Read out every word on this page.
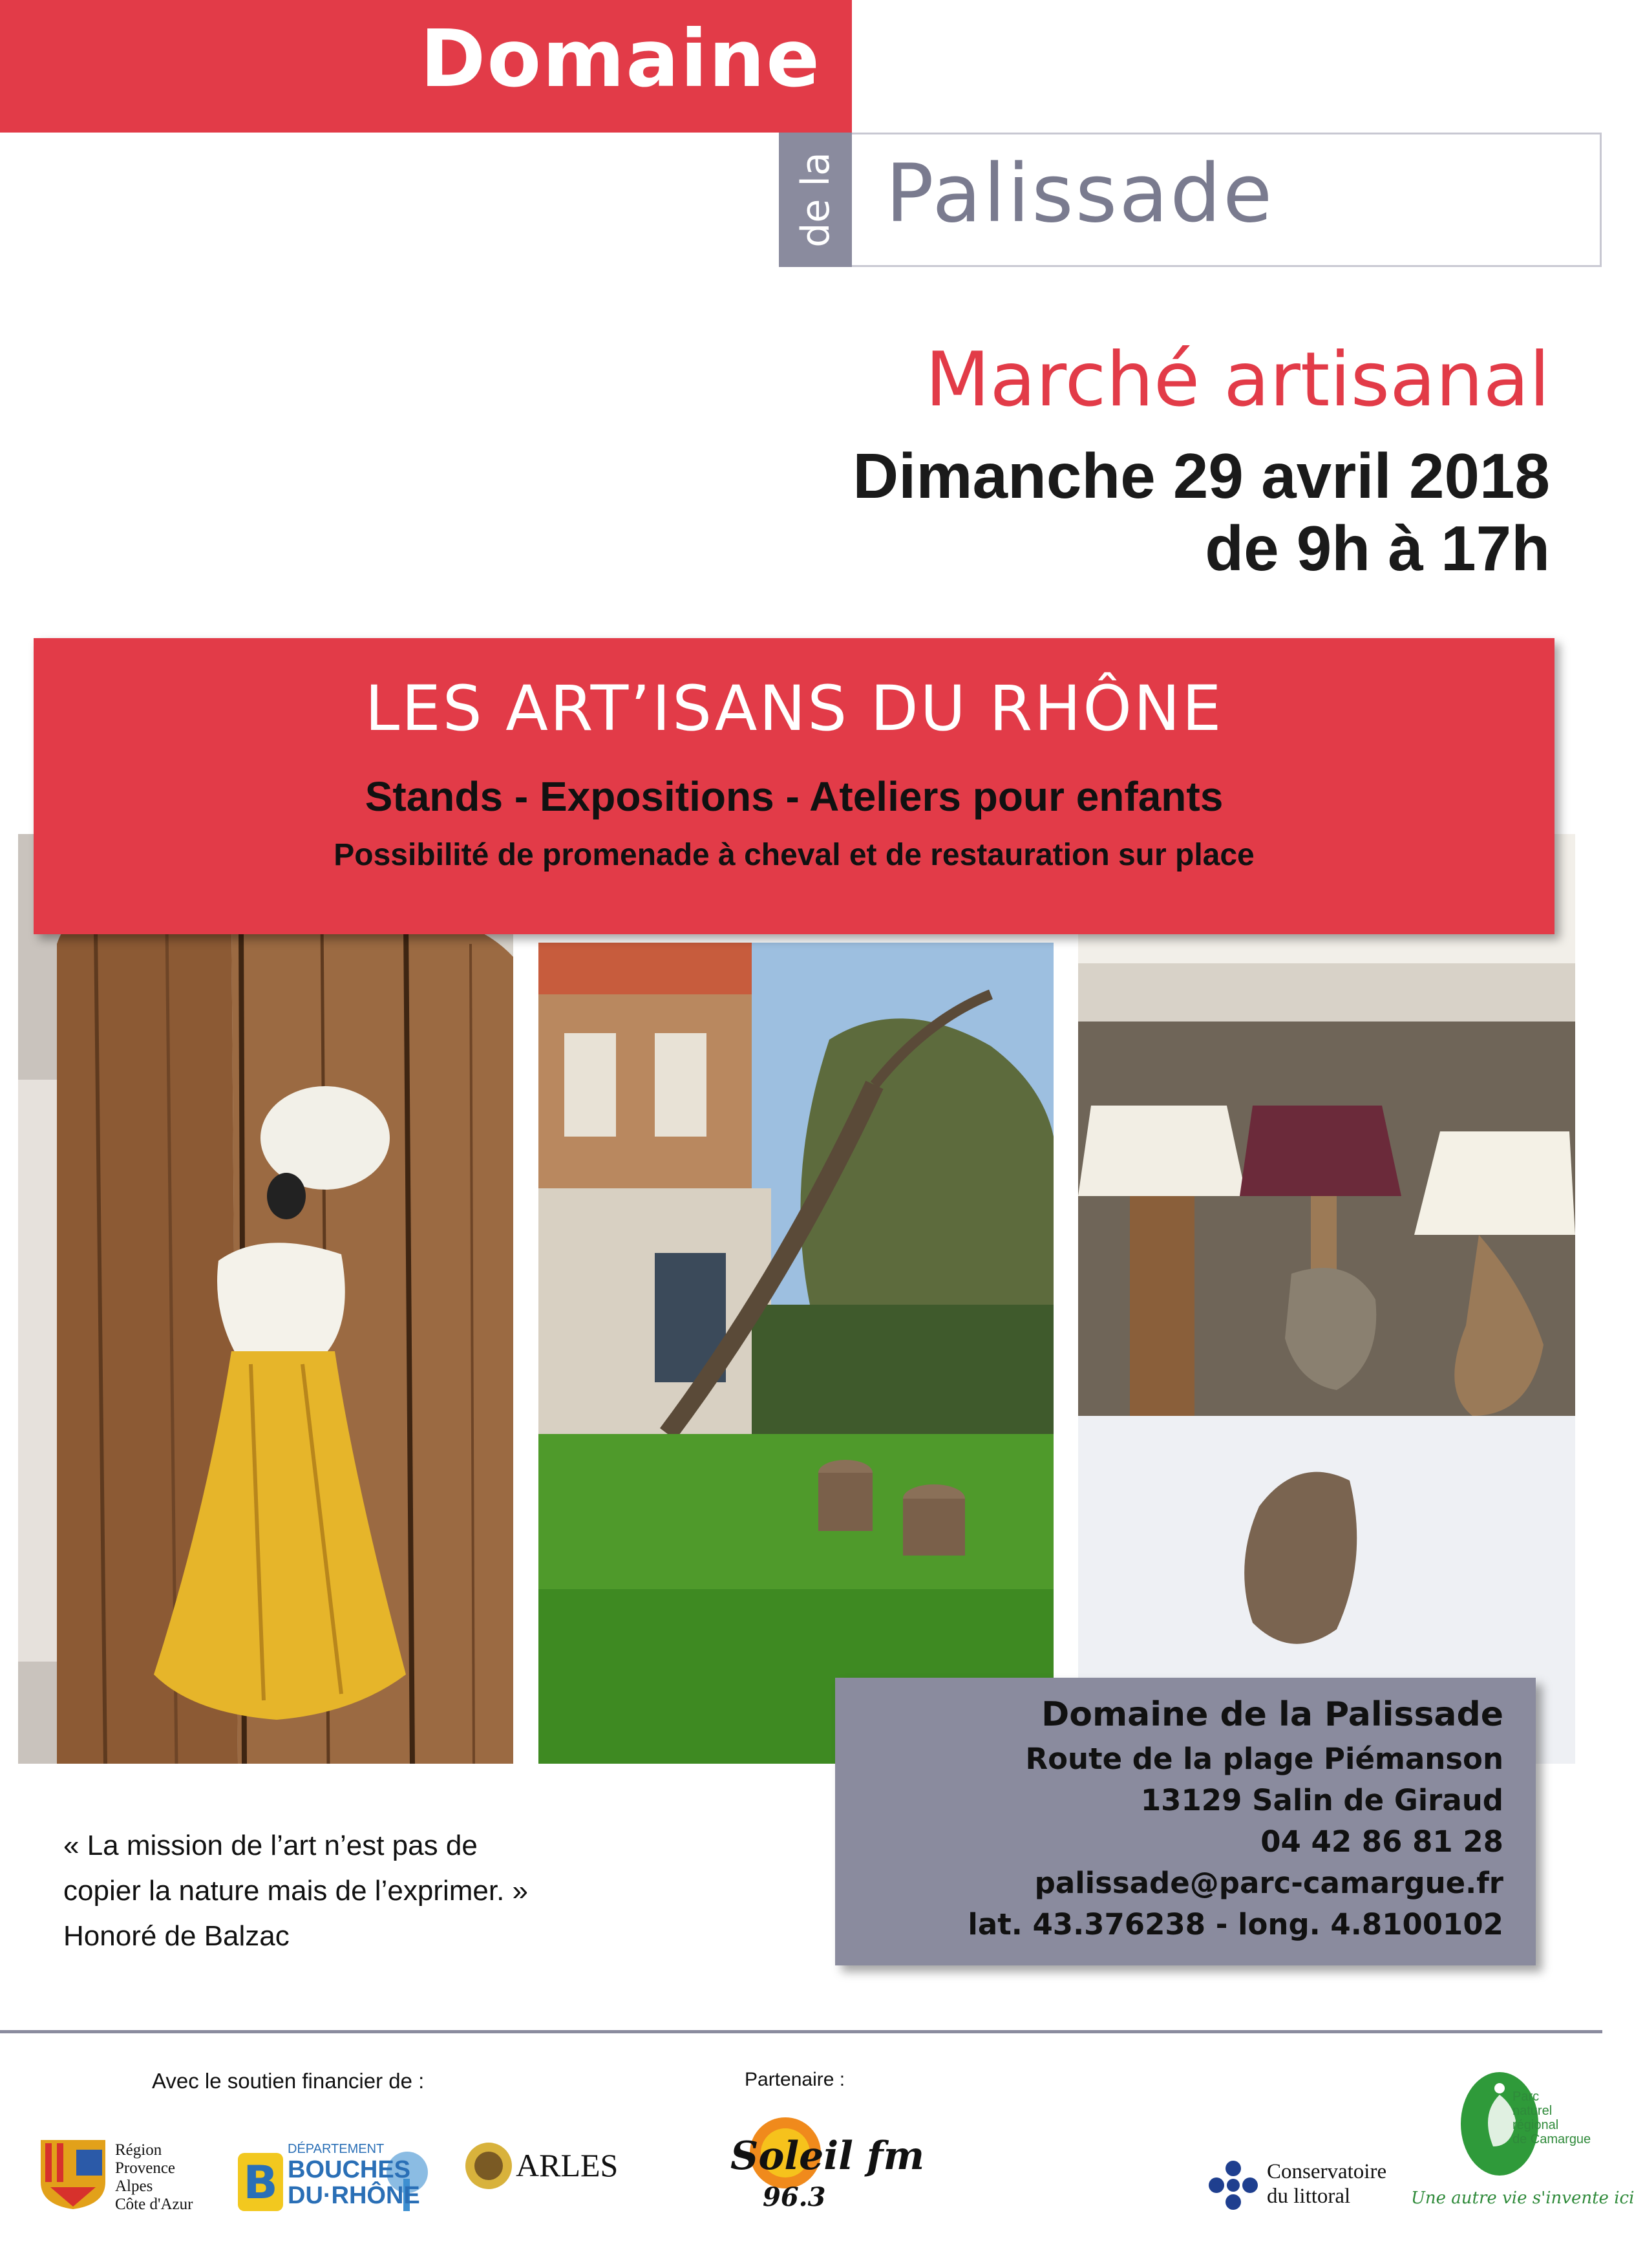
Domaine
de la Palissade
Marché artisanal
Dimanche 29 avril 2018
de 9h à 17h
LES ART’ISANS DU RHÔNE
Stands - Expositions - Ateliers pour enfants
Possibilité de promenade à cheval et de restauration sur place
Domaine de la Palissade
Route de la plage Piémanson
13129 Salin de Giraud
04 42 86 81 28
palissade@parc-camargue.fr
lat. 43.376238 - long. 4.8100102
« La mission de l’art n’est pas de
copier la nature mais de l’exprimer. »
Honoré de Balzac
Avec le soutien financier de :	Partenaire :
Région
Provence
Alpes
Côte d'Azur B
DÉPARTEMENT
BOUCHES
DU·RHÔNE
ARLES	Soleil fm
96.3
Conservatoire
du littoral
Parc
naturel
régional
de Camargue
Une autre vie s'invente ici
